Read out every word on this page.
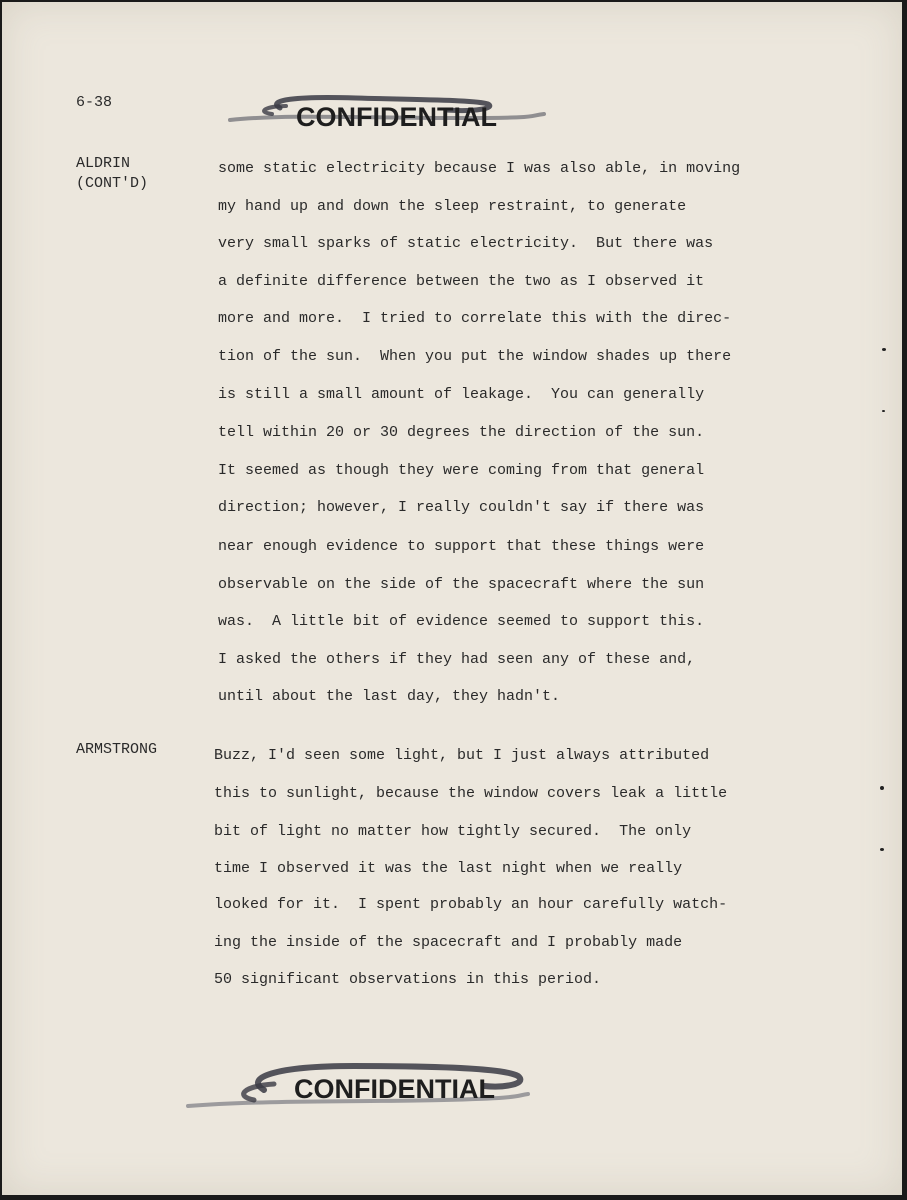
6-38	CONFIDENTIAL
ALDRIN
(CONT'D)
some static electricity because I was also able, in moving
my hand up and down the sleep restraint, to generate
very small sparks of static electricity.  But there was
a definite difference between the two as I observed it
more and more.  I tried to correlate this with the direc-
tion of the sun.  When you put the window shades up there
is still a small amount of leakage.  You can generally
tell within 20 or 30 degrees the direction of the sun.
It seemed as though they were coming from that general
direction; however, I really couldn't say if there was
near enough evidence to support that these things were
observable on the side of the spacecraft where the sun
was.  A little bit of evidence seemed to support this.
I asked the others if they had seen any of these and,
until about the last day, they hadn't.
ARMSTRONG	Buzz, I'd seen some light, but I just always attributed
this to sunlight, because the window covers leak a little
bit of light no matter how tightly secured.  The only
time I observed it was the last night when we really
looked for it.  I spent probably an hour carefully watch-
ing the inside of the spacecraft and I probably made
50 significant observations in this period.
CONFIDENTIAL
